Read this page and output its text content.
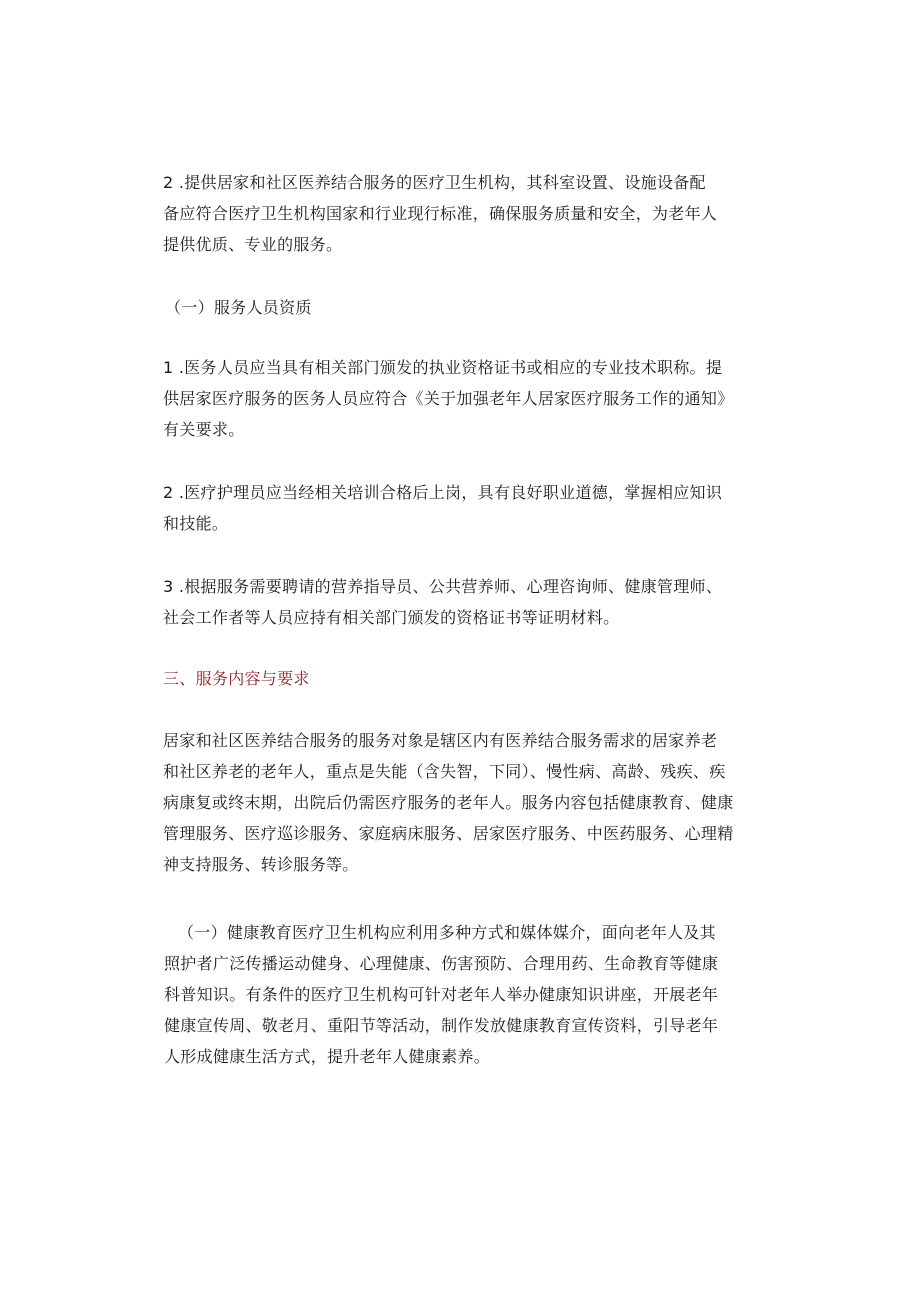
2 .提供居家和社区医养结合服务的医疗卫生机构，其科室设置、设施设备配
备应符合医疗卫生机构国家和行业现行标准，确保服务质量和安全，为老年人
提供优质、专业的服务。

（一）服务人员资质

1 .医务人员应当具有相关部门颁发的执业资格证书或相应的专业技术职称。提
供居家医疗服务的医务人员应符合《关于加强老年人居家医疗服务工作的通知》
有关要求。

2 .医疗护理员应当经相关培训合格后上岗，具有良好职业道德，掌握相应知识
和技能。

3 .根据服务需要聘请的营养指导员、公共营养师、心理咨询师、健康管理师、
社会工作者等人员应持有相关部门颁发的资格证书等证明材料。

三、服务内容与要求

居家和社区医养结合服务的服务对象是辖区内有医养结合服务需求的居家养老
和社区养老的老年人，重点是失能（含失智，下同）、慢性病、高龄、残疾、疾
病康复或终末期，出院后仍需医疗服务的老年人。服务内容包括健康教育、健康
管理服务、医疗巡诊服务、家庭病床服务、居家医疗服务、中医药服务、心理精
神支持服务、转诊服务等。

（一）健康教育医疗卫生机构应利用多种方式和媒体媒介，面向老年人及其
照护者广泛传播运动健身、心理健康、伤害预防、合理用药、生命教育等健康
科普知识。有条件的医疗卫生机构可针对老年人举办健康知识讲座，开展老年
健康宣传周、敬老月、重阳节等活动，制作发放健康教育宣传资料，引导老年
人形成健康生活方式，提升老年人健康素养。
